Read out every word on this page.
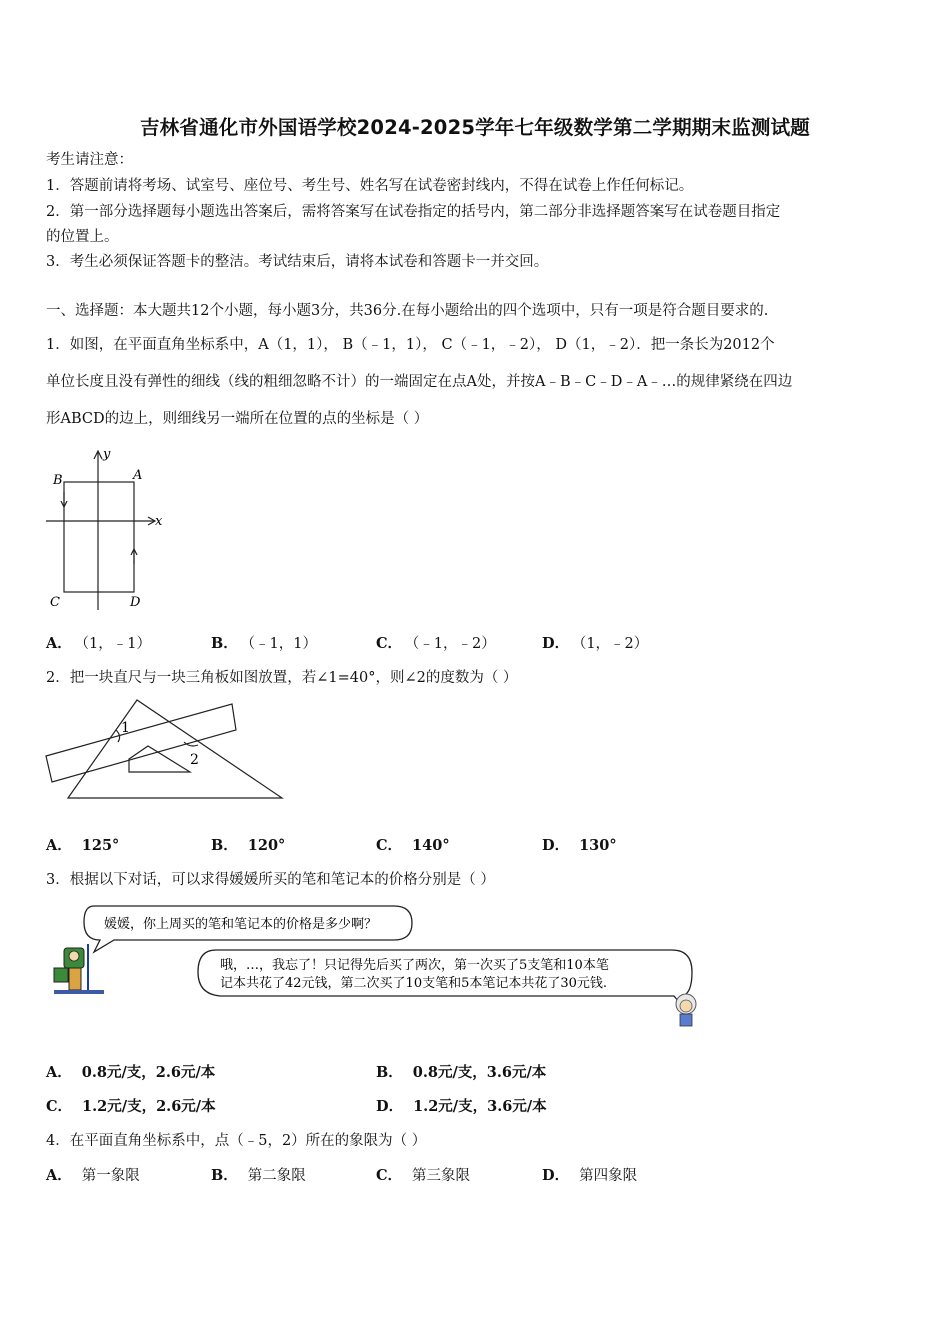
吉林省通化市外国语学校2024-2025学年七年级数学第二学期期末监测试题
考生请注意：
1．答题前请将考场、试室号、座位号、考生号、姓名写在试卷密封线内，不得在试卷上作任何标记。
2．第一部分选择题每小题选出答案后，需将答案写在试卷指定的括号内，第二部分非选择题答案写在试卷题目指定
的位置上。
3．考生必须保证答题卡的整洁。考试结束后，请将本试卷和答题卡一并交回。
一、选择题：本大题共12个小题，每小题3分，共36分.在每小题给出的四个选项中，只有一项是符合题目要求的.
1．如图，在平面直角坐标系中，A（1，1）， B（﹣1，1）， C（﹣1，﹣2）， D（1，﹣2）．把一条长为2012个
单位长度且没有弹性的细线（线的粗细忽略不计）的一端固定在点A处，并按A﹣B﹣C﹣D﹣A﹣…的规律紧绕在四边
形ABCD的边上，则细线另一端所在位置的点的坐标是（ ）
B	A
C	D
x
y
A． （1，﹣1）	B． （﹣1，1）	C． （﹣1，﹣2）	D． （1，﹣2）
2．把一块直尺与一块三角板如图放置，若∠1=40°，则∠2的度数为（ ）
1
2
A． 125°	B． 120°	C． 140°	D． 130°
3．根据以下对话，可以求得媛媛所买的笔和笔记本的价格分别是（ ）
媛媛，你上周买的笔和笔记本的价格是多少啊？
哦，…，我忘了！只记得先后买了两次，第一次买了5支笔和10本笔
记本共花了42元钱，第二次买了10支笔和5本笔记本共花了30元钱.
A． 0.8元/支，2.6元/本	B． 0.8元/支，3.6元/本
C． 1.2元/支，2.6元/本	D． 1.2元/支，3.6元/本
4．在平面直角坐标系中，点（﹣5，2）所在的象限为（ ）
A． 第一象限	B． 第二象限	C． 第三象限	D． 第四象限
